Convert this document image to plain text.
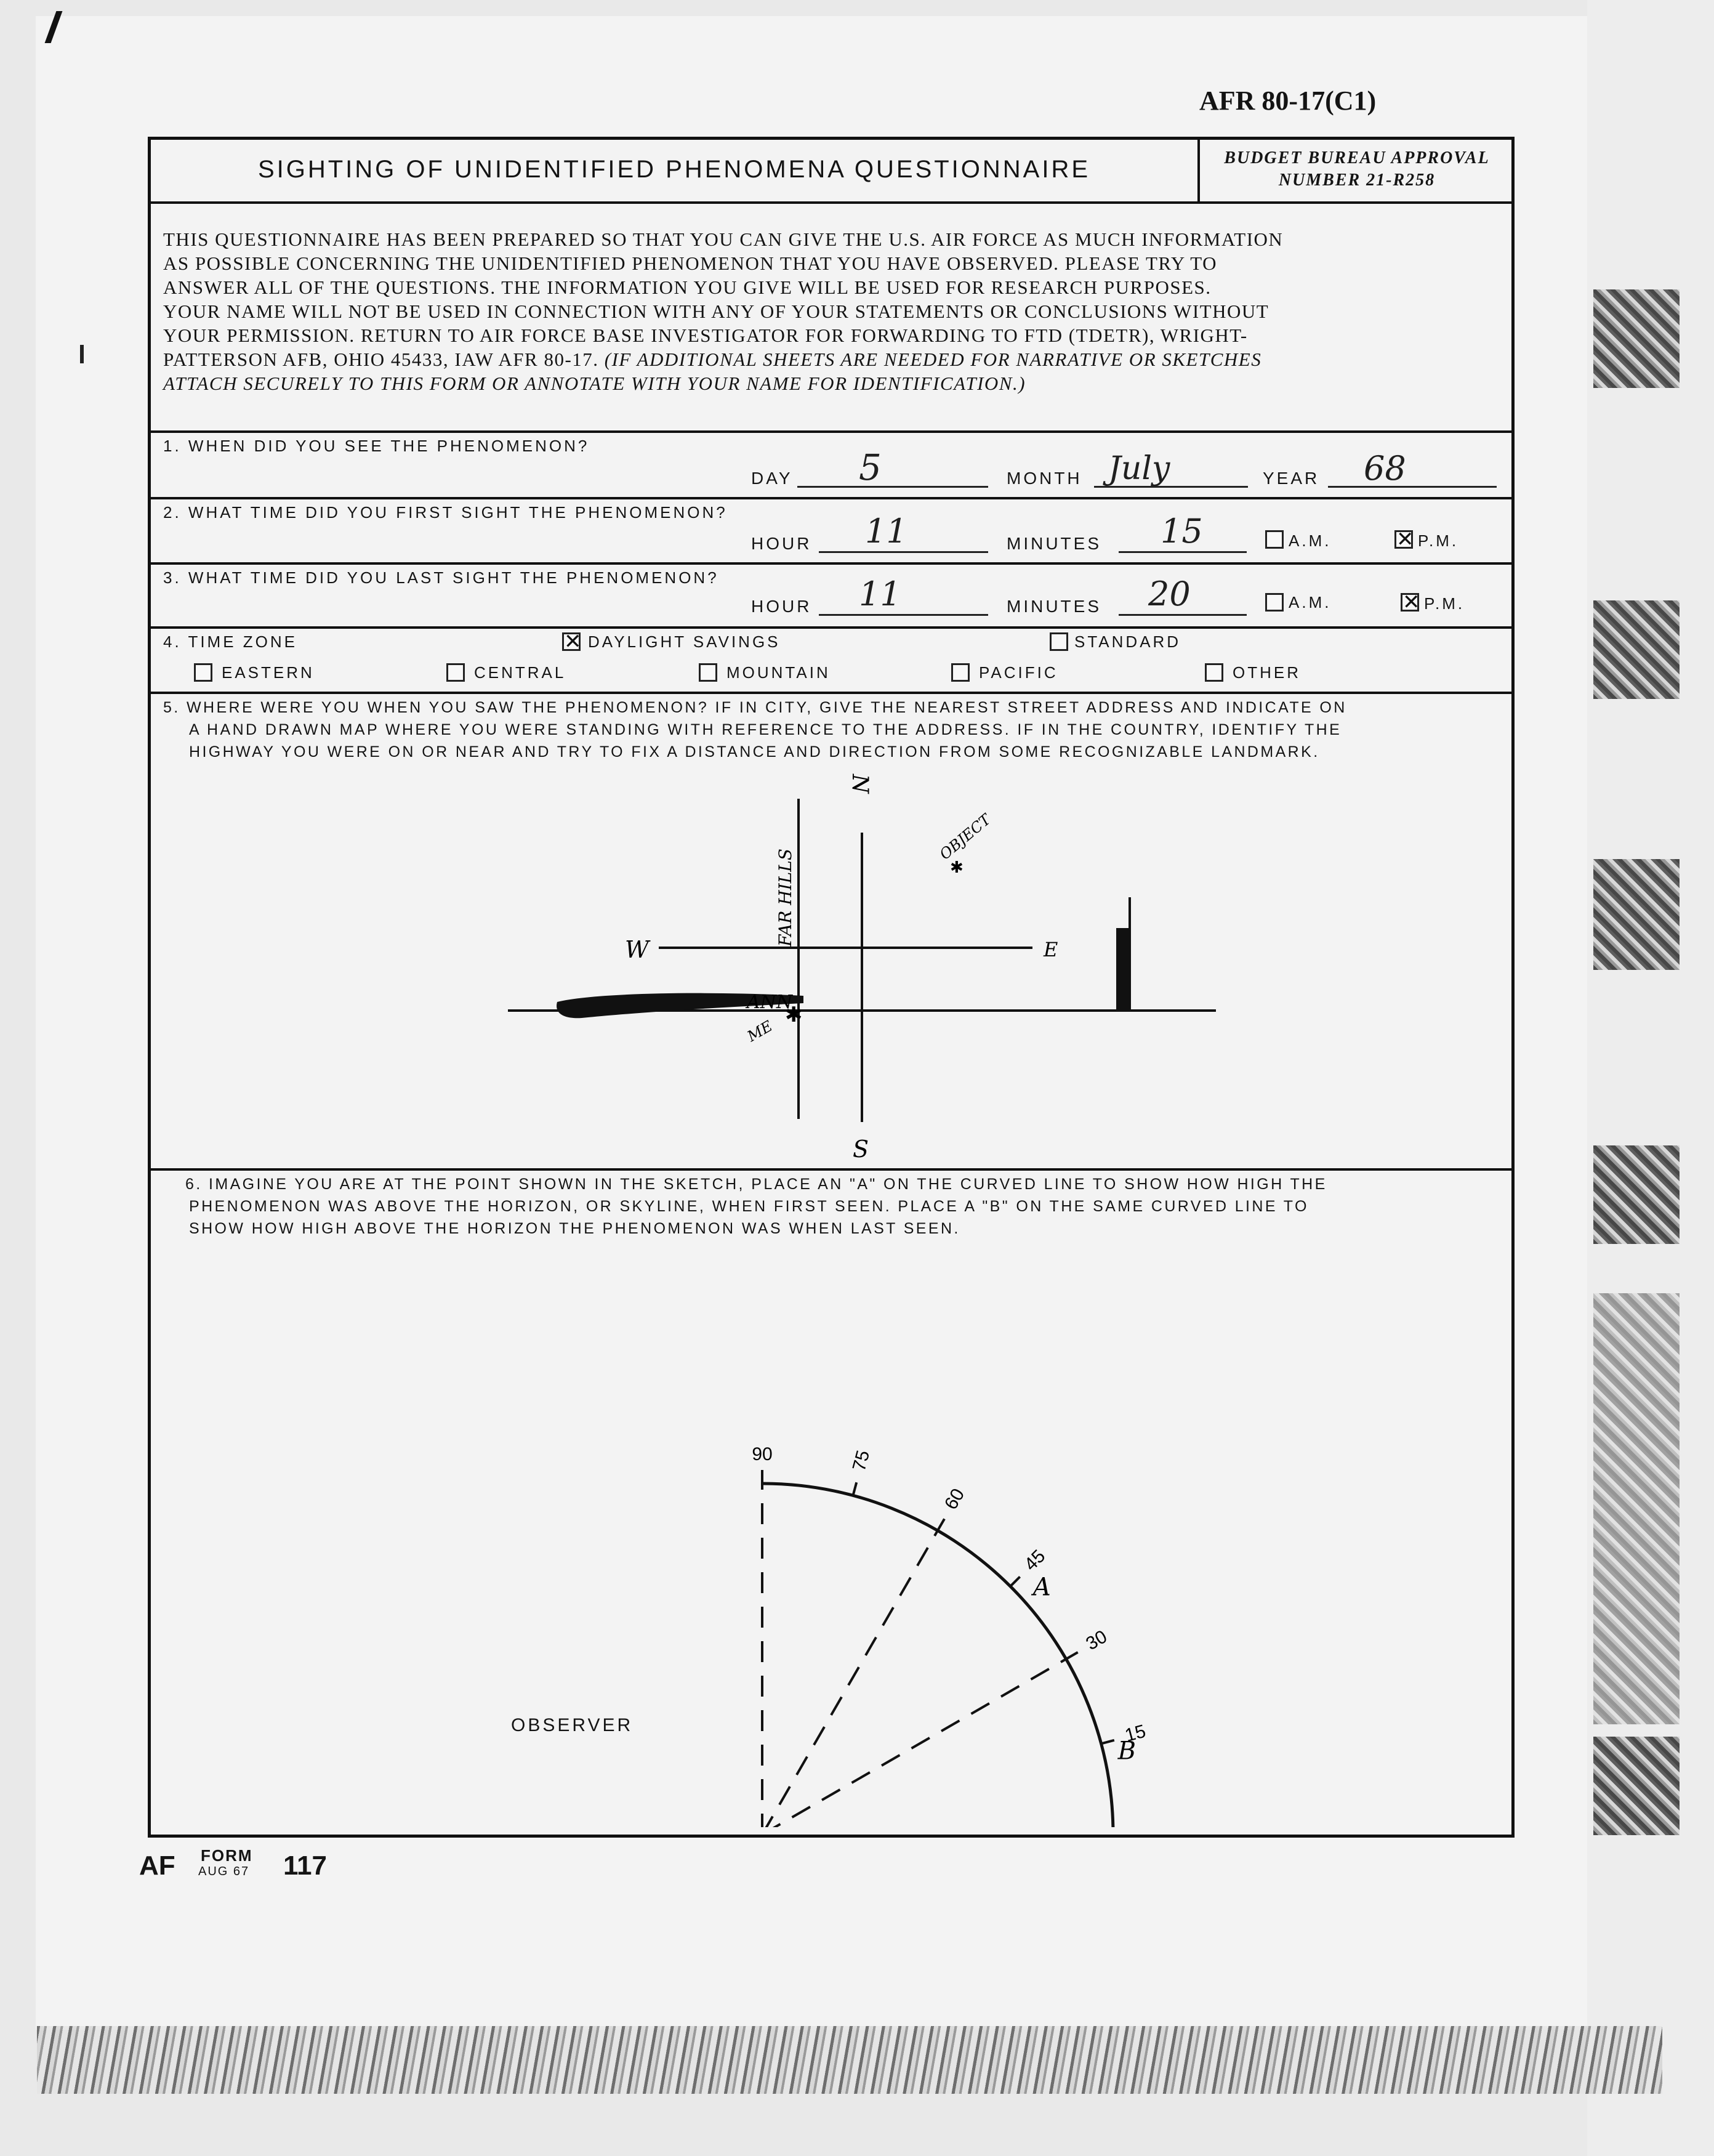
AFR 80-17(C1)
SIGHTING OF UNIDENTIFIED PHENOMENA QUESTIONNAIRE	BUDGET BUREAU APPROVAL
NUMBER 21-R258
THIS QUESTIONNAIRE HAS BEEN PREPARED SO THAT YOU CAN GIVE THE U.S. AIR FORCE AS MUCH INFORMATION
AS POSSIBLE CONCERNING THE UNIDENTIFIED PHENOMENON THAT YOU HAVE OBSERVED. PLEASE TRY TO
ANSWER ALL OF THE QUESTIONS. THE INFORMATION YOU GIVE WILL BE USED FOR RESEARCH PURPOSES.
YOUR NAME WILL NOT BE USED IN CONNECTION WITH ANY OF YOUR STATEMENTS OR CONCLUSIONS WITHOUT
YOUR PERMISSION. RETURN TO AIR FORCE BASE INVESTIGATOR FOR FORWARDING TO FTD (TDETR), WRIGHT-
PATTERSON AFB, OHIO 45433, IAW AFR 80-17. (IF ADDITIONAL SHEETS ARE NEEDED FOR NARRATIVE OR SKETCHES
ATTACH SECURELY TO THIS FORM OR ANNOTATE WITH YOUR NAME FOR IDENTIFICATION.)
1. WHEN DID YOU SEE THE PHENOMENON?
DAY 5	MONTH July	YEAR 68
2. WHAT TIME DID YOU FIRST SIGHT THE PHENOMENON?
HOUR 11	MINUTES 15	A.M. ✕	P.M.
3. WHAT TIME DID YOU LAST SIGHT THE PHENOMENON?
HOUR 11	MINUTES 20	A.M. ✕	P.M.
4. TIME ZONE ✕	DAYLIGHT SAVINGS	STANDARD
EASTERN	CENTRAL	MOUNTAIN	PACIFIC	OTHER
5. WHERE WERE YOU WHEN YOU SAW THE PHENOMENON? IF IN CITY, GIVE THE NEAREST STREET ADDRESS AND INDICATE ON
A HAND DRAWN MAP WHERE YOU WERE STANDING WITH REFERENCE TO THE ADDRESS. IF IN THE COUNTRY, IDENTIFY THE
HIGHWAY YOU WERE ON OR NEAR AND TRY TO FIX A DISTANCE AND DIRECTION FROM SOME RECOGNIZABLE LANDMARK.
N
S
W	E
FAR HILLS
ANN
OBJECT
✱
ME
✱
6. IMAGINE YOU ARE AT THE POINT SHOWN IN THE SKETCH, PLACE AN "A" ON THE CURVED LINE TO SHOW HOW HIGH THE
PHENOMENON WAS ABOVE THE HORIZON, OR SKYLINE, WHEN FIRST SEEN. PLACE A "B" ON THE SAME CURVED LINE TO
SHOW HOW HIGH ABOVE THE HORIZON THE PHENOMENON WAS WHEN LAST SEEN.
90	75
60
45
30
15
A
B
OBSERVER
AF FORM
AUG 67 117
